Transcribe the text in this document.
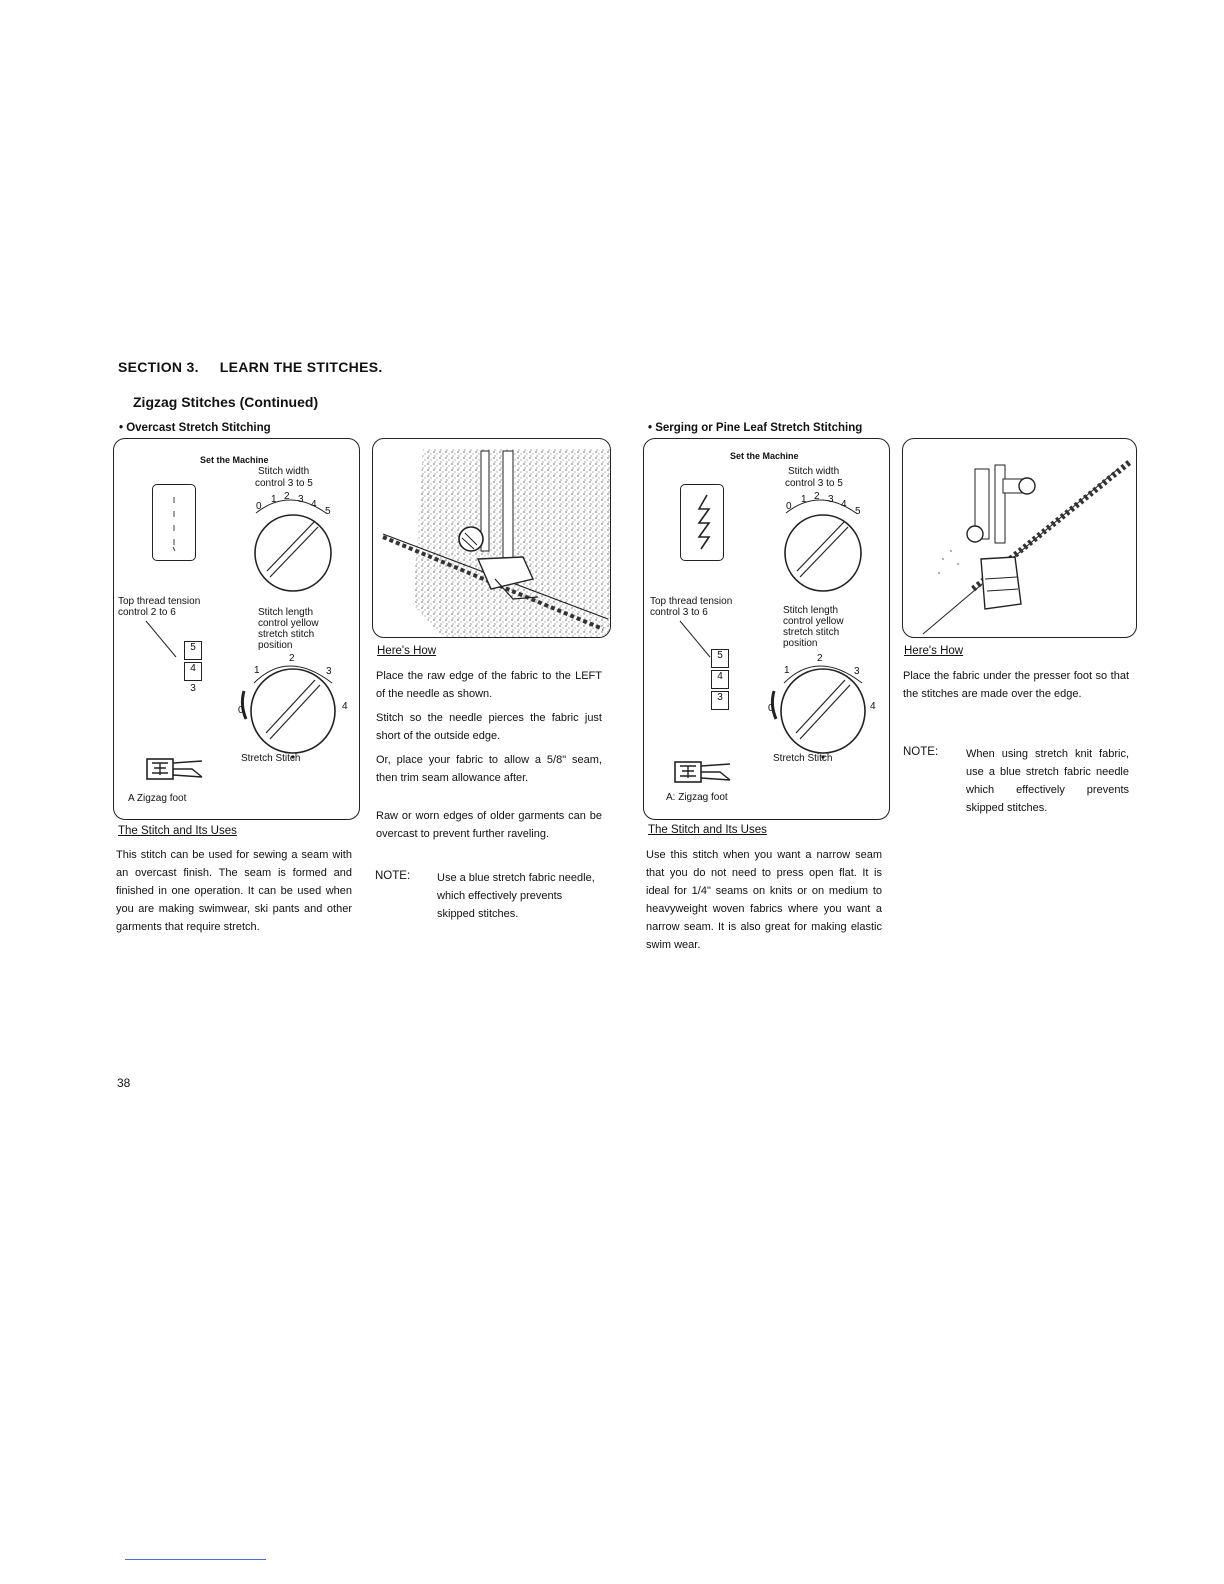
SECTION 3.     LEARN THE STITCHES.
Zigzag Stitches (Continued)
• Overcast Stretch Stitching
Set the Machine
Stitch width
control 3 to 5
0
1 2 3 4
5
Top thread tension
control 2 to 6
5
4
3
Stitch length
control yellow
stretch stitch
position
0
1
2
3
4
Stretch Stitch
A Zigzag foot
The Stitch and Its Uses
This stitch can be used for sewing a seam with an overcast finish. The seam is formed and finished in one operation. It can be used when you are making swimwear, ski pants and other garments that require stretch.
Here's How
Place the raw edge of the fabric to the LEFT of the needle as shown.
Stitch so the needle pierces the fabric just short of the outside edge.
Or, place your fabric to allow a 5/8" seam, then trim seam allowance after.
Raw or worn edges of older garments can be overcast to prevent further raveling.
NOTE: Use a blue stretch fabric needle, which effectively prevents skipped stitches.
• Serging or Pine Leaf Stretch Stitching
Set the Machine
Stitch width
control 3 to 5
0
1 2 3 4
5
Top thread tension
control 3 to 6
5
4
3
Stitch length
control yellow
stretch stitch
position
0
1
2
3
4
Stretch Stitch
A: Zigzag foot
The Stitch and Its Uses
Use this stitch when you want a narrow seam that you do not need to press open flat. It is ideal for 1/4" seams on knits or on medium to heavyweight woven fabrics where you want a narrow seam. It is also great for making elastic swim wear.
Here's How
Place the fabric under the presser foot so that the stitches are made over the edge.
NOTE:	When using stretch knit fabric, use a blue stretch fabric needle which effectively prevents skipped stitches.
38
